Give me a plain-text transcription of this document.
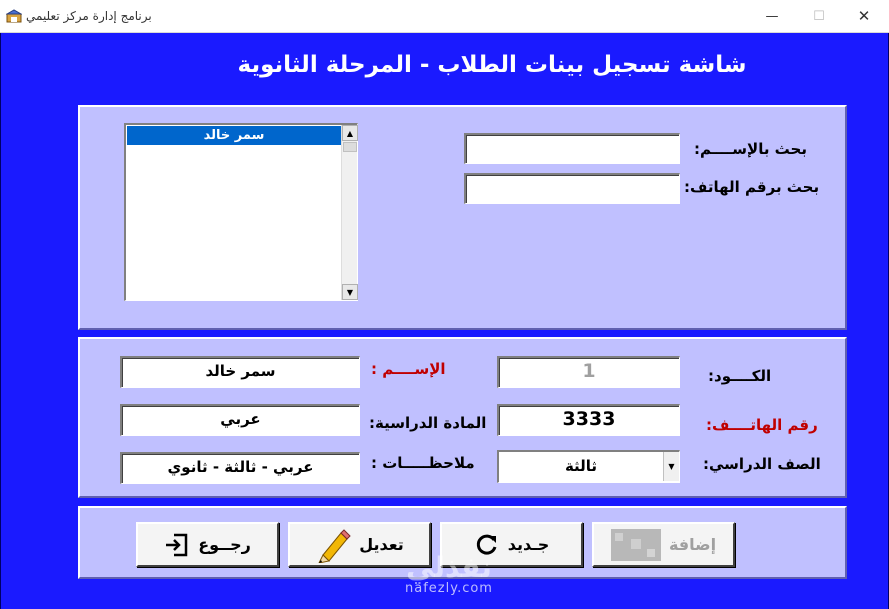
برنامج إدارة مركز تعليمي	—	☐	✕
شاشة تسجيل بينات الطلاب - المرحلة الثانوية
بحث بالإســــم:
بحث برقم الهاتف:
سمر خالد	▲
▼
الكــــود:
1
الإســــم :
سمر خالد
رقم الهاتــــف:
3333
المادة الدراسية:
عربي
الصف الدراسي:
ثالثة	▼
ملاحظـــــات :
عربي - ثالثة - ثانوي
إضافة
جـديد
تعديل
رجــوع
نفذلي
nafezly.com
